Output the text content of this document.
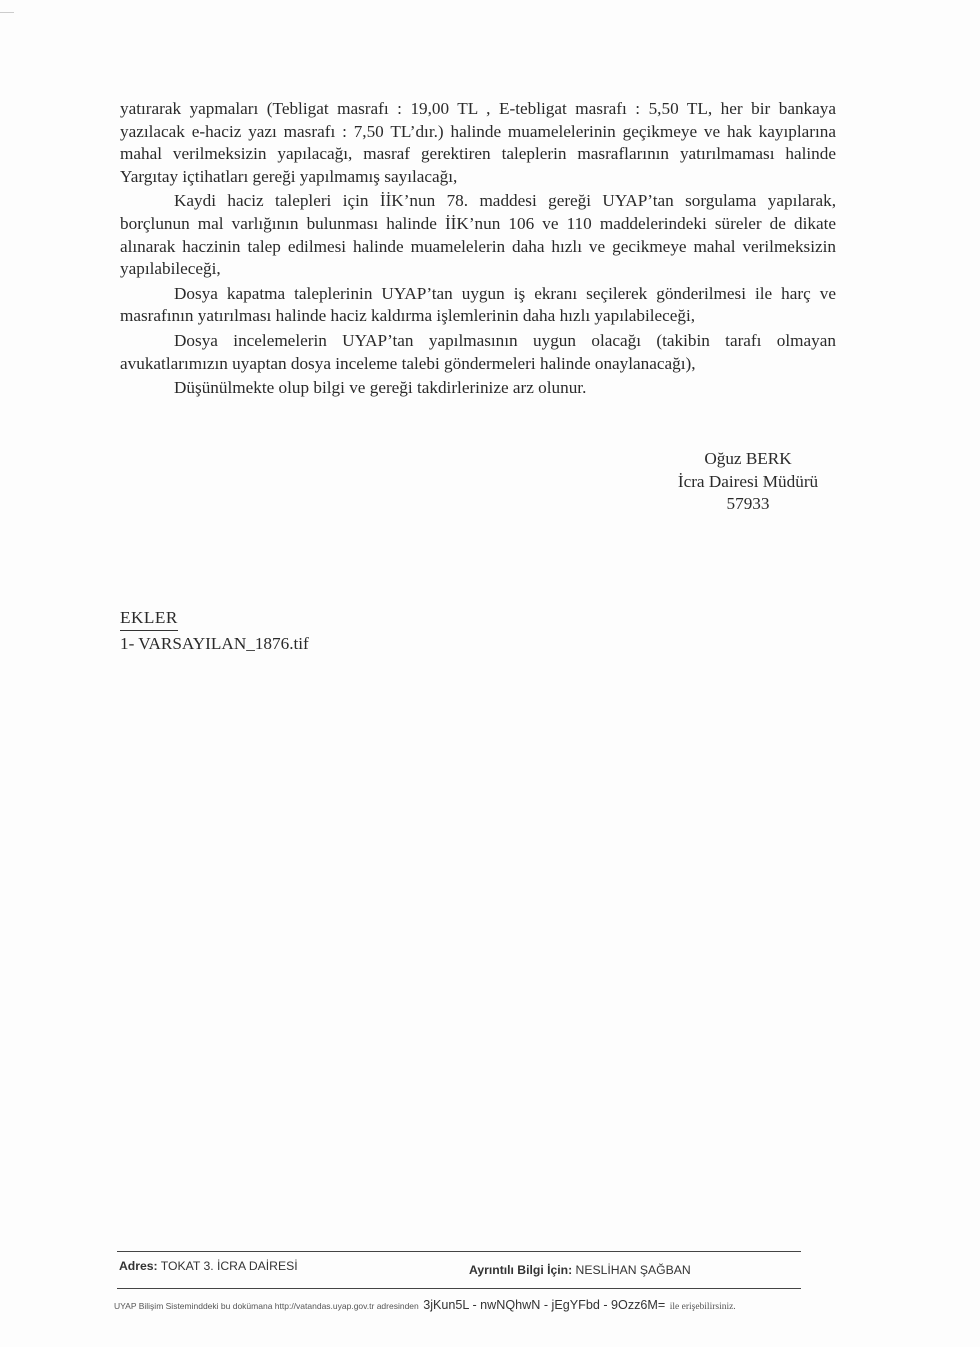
yatırarak yapmaları (Tebligat masrafı : 19,00 TL , E-tebligat masrafı : 5,50 TL, her bir bankaya yazılacak e-haciz yazı masrafı : 7,50 TL’dır.) halinde muamelelerinin geçikmeye ve hak kayıplarına mahal verilmeksizin yapılacağı, masraf gerektiren taleplerin masraflarının yatırılmaması halinde Yargıtay içtihatları gereği yapılmamış sayılacağı,

Kaydi haciz talepleri için İİK’nun 78. maddesi gereği UYAP’tan sorgulama yapılarak, borçlunun mal varlığının bulunması halinde İİK’nun 106 ve 110 maddelerindeki süreler de dikate alınarak haczinin talep edilmesi halinde muamelelerin daha hızlı ve gecikmeye mahal verilmeksizin yapılabileceği,

Dosya kapatma taleplerinin UYAP’tan uygun iş ekranı seçilerek gönderilmesi ile harç ve masrafının yatırılması halinde haciz kaldırma işlemlerinin daha hızlı yapılabileceği,

Dosya incelemelerin UYAP’tan yapılmasının uygun olacağı (takibin tarafı olmayan avukatlarımızın uyaptan dosya inceleme talebi göndermeleri halinde onaylanacağı),

Düşünülmekte olup bilgi ve gereği takdirlerinize arz olunur.

Oğuz BERK
İcra Dairesi Müdürü
57933
EKLER
1- VARSAYILAN_1876.tif
Adres: TOKAT 3. İCRA DAİRESİ	Ayrıntılı Bilgi İçin: NESLİHAN ŞAĞBAN
UYAP Bilişim Sisteminddeki bu dokümana http://vatandas.uyap.gov.tr adresinden 3jKun5L - nwNQhwN - jEgYFbd - 9Ozz6M= ile erişebilirsiniz.
